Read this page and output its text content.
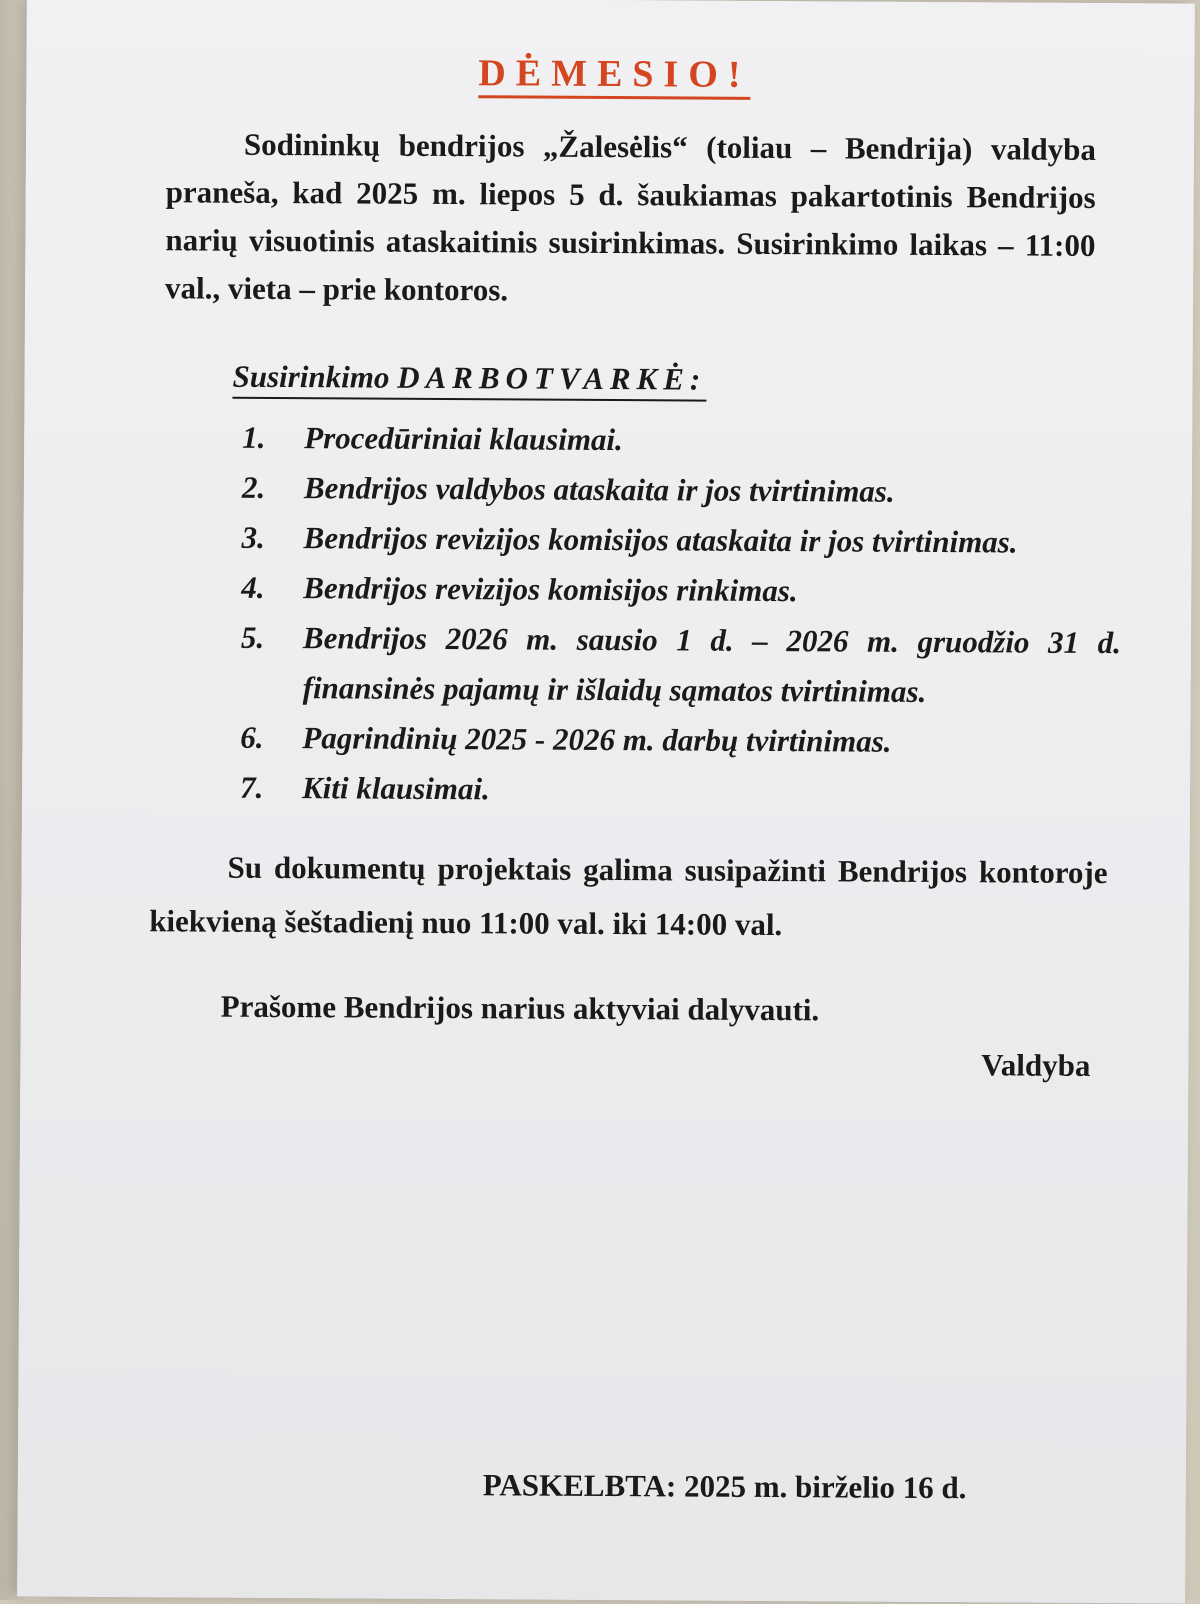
DĖMESIO!

Sodininkų bendrijos „Žalesėlis“ (toliau – Bendrija) valdyba praneša, kad 2025 m. liepos 5 d. šaukiamas pakartotinis Bendrijos narių visuotinis ataskaitinis susirinkimas. Susirinkimo laikas – 11:00 val., vieta – prie kontoros.

Susirinkimo DARBOTVARKĖ:
1. Procedūriniai klausimai.
2. Bendrijos valdybos ataskaita ir jos tvirtinimas.
3. Bendrijos revizijos komisijos ataskaita ir jos tvirtinimas.
4. Bendrijos revizijos komisijos rinkimas.
5. Bendrijos 2026 m. sausio 1 d. – 2026 m. gruodžio 31 d. finansinės pajamų ir išlaidų sąmatos tvirtinimas.
6. Pagrindinių 2025 - 2026 m. darbų tvirtinimas.
7. Kiti klausimai.

Su dokumentų projektais galima susipažinti Bendrijos kontoroje kiekvieną šeštadienį nuo 11:00 val. iki 14:00 val.

Prašome Bendrijos narius aktyviai dalyvauti.
Valdyba
PASKELBTA: 2025 m. birželio 16 d.
